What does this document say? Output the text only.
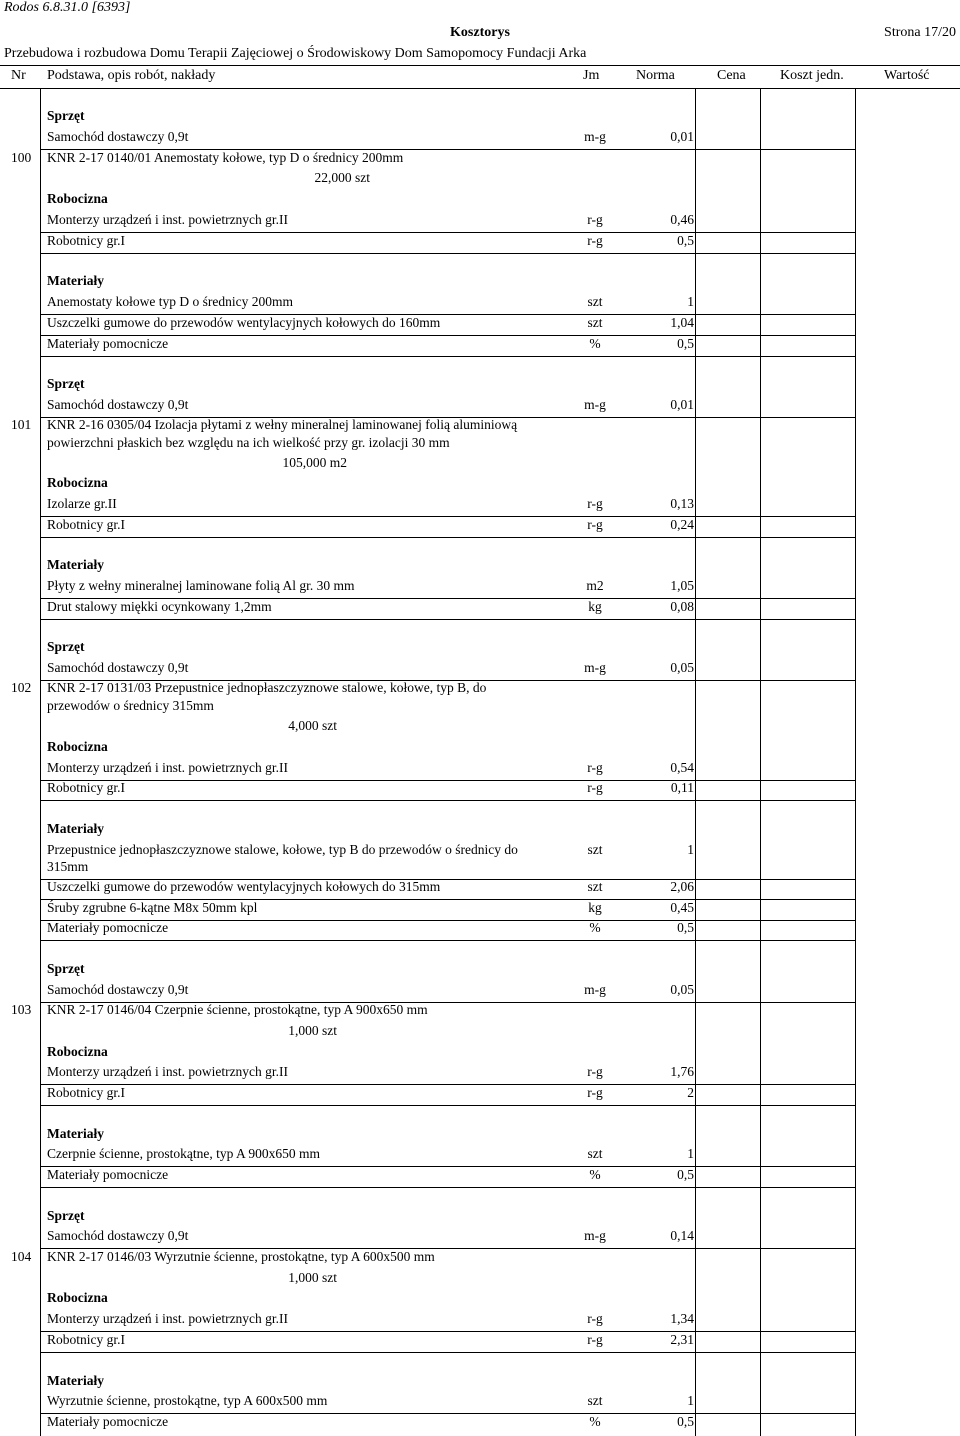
Rodos 6.8.31.0 [6393]
Kosztorys	Strona 17/20
Przebudowa i rozbudowa Domu Terapii Zajęciowej o Środowiskowy Dom Samopomocy Fundacji Arka
Nr Podstawa, opis robót, nakłady	Jm	Norma	Cena Koszt jedn.	Wartość
Sprzęt
Samochód dostawczy 0,9t	m-g	0,01
100	KNR 2-17 0140/01 Anemostaty kołowe, typ D o średnicy 200mm
22,000 szt
Robocizna
Monterzy urządzeń i inst. powietrznych gr.II	r-g	0,46
Robotnicy gr.I	r-g	0,5
Materiały
Anemostaty kołowe typ D o średnicy 200mm	szt	1
Uszczelki gumowe do przewodów wentylacyjnych kołowych do 160mm	szt	1,04
Materiały pomocnicze	%	0,5
Sprzęt
Samochód dostawczy 0,9t	m-g	0,01
101	KNR 2-16 0305/04 Izolacja płytami z wełny mineralnej laminowanej folią aluminiową
powierzchni płaskich bez względu na ich wielkość przy gr. izolacji 30 mm
105,000 m2
Robocizna
Izolarze gr.II	r-g	0,13
Robotnicy gr.I	r-g	0,24
Materiały
Płyty z wełny mineralnej laminowane folią Al gr. 30 mm	m2	1,05
Drut stalowy miękki ocynkowany 1,2mm	kg	0,08
Sprzęt
Samochód dostawczy 0,9t	m-g	0,05
102	KNR 2-17 0131/03 Przepustnice jednopłaszczyznowe stalowe, kołowe, typ B, do
przewodów o średnicy 315mm
4,000 szt
Robocizna
Monterzy urządzeń i inst. powietrznych gr.II	r-g	0,54
Robotnicy gr.I	r-g	0,11
Materiały
Przepustnice jednopłaszczyznowe stalowe, kołowe, typ B do przewodów o średnicy do	szt	1
315mm
Uszczelki gumowe do przewodów wentylacyjnych kołowych do 315mm	szt	2,06
Śruby zgrubne 6-kątne M8x 50mm kpl	kg	0,45
Materiały pomocnicze	%	0,5
Sprzęt
Samochód dostawczy 0,9t	m-g	0,05
103	KNR 2-17 0146/04 Czerpnie ścienne, prostokątne, typ A 900x650 mm
1,000 szt
Robocizna
Monterzy urządzeń i inst. powietrznych gr.II	r-g	1,76
Robotnicy gr.I	r-g	2
Materiały
Czerpnie ścienne, prostokątne, typ A 900x650 mm	szt	1
Materiały pomocnicze	%	0,5
Sprzęt
Samochód dostawczy 0,9t	m-g	0,14
104	KNR 2-17 0146/03 Wyrzutnie ścienne, prostokątne, typ A 600x500 mm
1,000 szt
Robocizna
Monterzy urządzeń i inst. powietrznych gr.II	r-g	1,34
Robotnicy gr.I	r-g	2,31
Materiały
Wyrzutnie ścienne, prostokątne, typ A 600x500 mm	szt	1
Materiały pomocnicze	%	0,5
